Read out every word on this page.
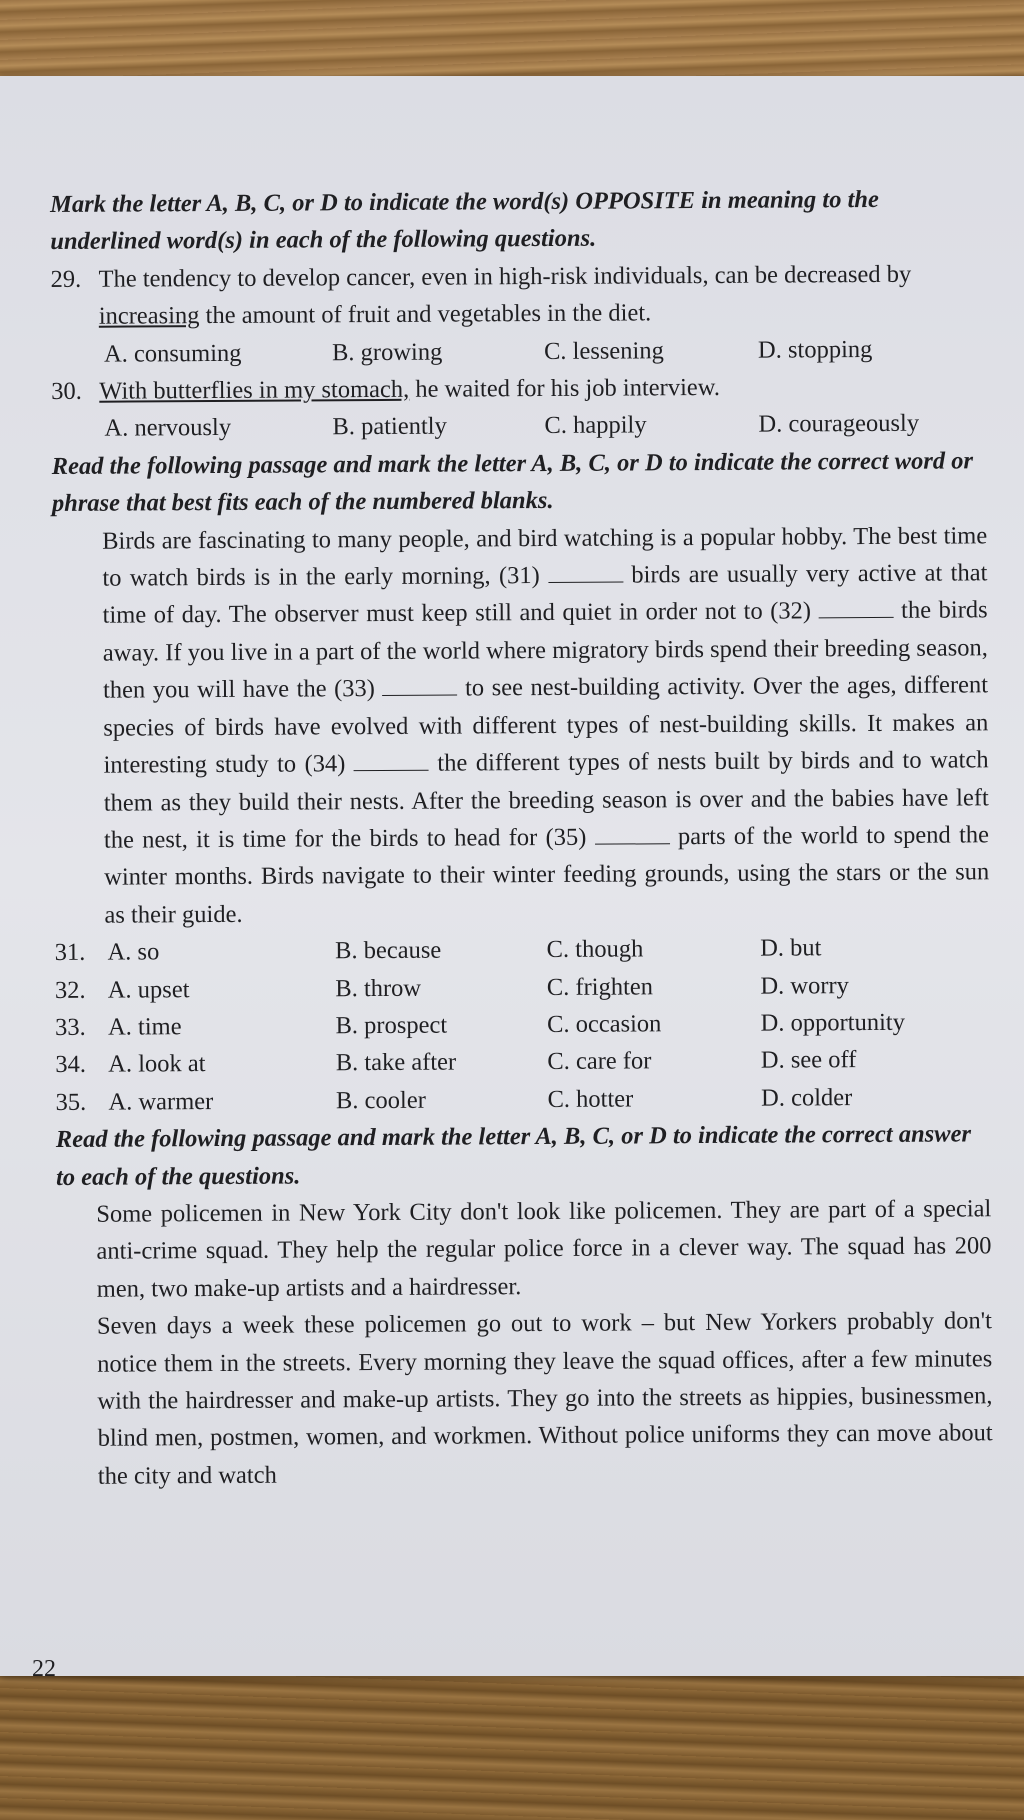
Mark the letter A, B, C, or D to indicate the word(s) OPPOSITE in meaning to the underlined word(s) in each of the following questions.
29. The tendency to develop cancer, even in high-risk individuals, can be decreased by increasing the amount of fruit and vegetables in the diet.
A. consuming	B. growing	C. lessening	D. stopping
30. With butterflies in my stomach, he waited for his job interview.
A. nervously	B. patiently	C. happily	D. courageously
Read the following passage and mark the letter A, B, C, or D to indicate the correct word or phrase that best fits each of the numbered blanks.
Birds are fascinating to many people, and bird watching is a popular hobby. The best time to watch birds is in the early morning, (31)	birds are usually very active at that time of day. The observer must keep still and quiet in order not to (32)	the birds away. If you live in a part of the world where migratory birds spend their breeding season, then you will have the (33)	to see nest-building activity. Over the ages, different species of birds have evolved with different types of nest-building skills. It makes an interesting study to (34)	the different types of nests built by birds and to watch them as they build their nests. After the breeding season is over and the babies have left the nest, it is time for the birds to head for (35)	parts of the world to spend the winter months. Birds navigate to their winter feeding grounds, using the stars or the sun as their guide.
31. A. so	B. because	C. though	D. but
32. A. upset	B. throw	C. frighten	D. worry
33. A. time	B. prospect	C. occasion	D. opportunity
34. A. look at	B. take after	C. care for	D. see off
35. A. warmer	B. cooler	C. hotter	D. colder
Read the following passage and mark the letter A, B, C, or D to indicate the correct answer to each of the questions.
Some policemen in New York City don't look like policemen. They are part of a special anti-crime squad. They help the regular police force in a clever way. The squad has 200 men, two make-up artists and a hairdresser.
Seven days a week these policemen go out to work – but New Yorkers probably don't notice them in the streets. Every morning they leave the squad offices, after a few minutes with the hairdresser and make-up artists. They go into the streets as hippies, businessmen, blind men, postmen, women, and workmen. Without police uniforms they can move about the city and watch
22
